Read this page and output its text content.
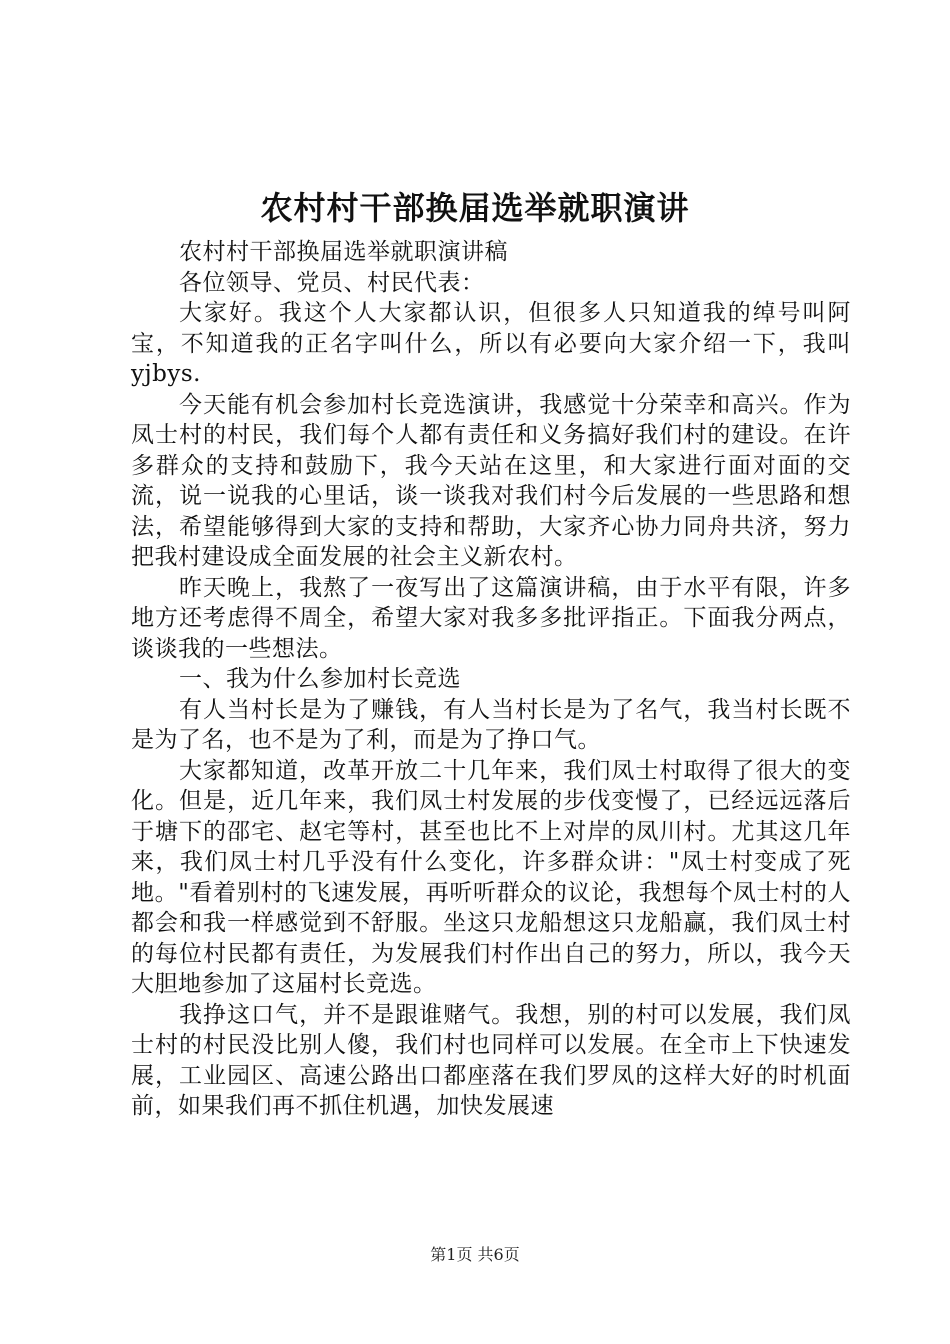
农村村干部换届选举就职演讲

农村村干部换届选举就职演讲稿

各位领导、党员、村民代表：

大家好。我这个人大家都认识，但很多人只知道我的绰号叫阿宝，不知道我的正名字叫什么，所以有必要向大家介绍一下，我叫yjbys.

今天能有机会参加村长竞选演讲，我感觉十分荣幸和高兴。作为凤士村的村民，我们每个人都有责任和义务搞好我们村的建设。在许多群众的支持和鼓励下，我今天站在这里，和大家进行面对面的交流，说一说我的心里话，谈一谈我对我们村今后发展的一些思路和想法，希望能够得到大家的支持和帮助，大家齐心协力同舟共济，努力把我村建设成全面发展的社会主义新农村。

昨天晚上，我熬了一夜写出了这篇演讲稿，由于水平有限，许多地方还考虑得不周全，希望大家对我多多批评指正。下面我分两点，谈谈我的一些想法。

一、我为什么参加村长竞选

有人当村长是为了赚钱，有人当村长是为了名气，我当村长既不是为了名，也不是为了利，而是为了挣口气。

大家都知道，改革开放二十几年来，我们凤士村取得了很大的变化。但是，近几年来，我们凤士村发展的步伐变慢了，已经远远落后于塘下的邵宅、赵宅等村，甚至也比不上对岸的凤川村。尤其这几年来，我们凤士村几乎没有什么变化，许多群众讲："凤士村变成了死地。"看着别村的飞速发展，再听听群众的议论，我想每个凤士村的人都会和我一样感觉到不舒服。坐这只龙船想这只龙船赢，我们凤士村的每位村民都有责任，为发展我们村作出自己的努力，所以，我今天大胆地参加了这届村长竞选。

我挣这口气，并不是跟谁赌气。我想，别的村可以发展，我们凤士村的村民没比别人傻，我们村也同样可以发展。在全市上下快速发展，工业园区、高速公路出口都座落在我们罗凤的这样大好的时机面前，如果我们再不抓住机遇，加快发展速

第1页 共6页
